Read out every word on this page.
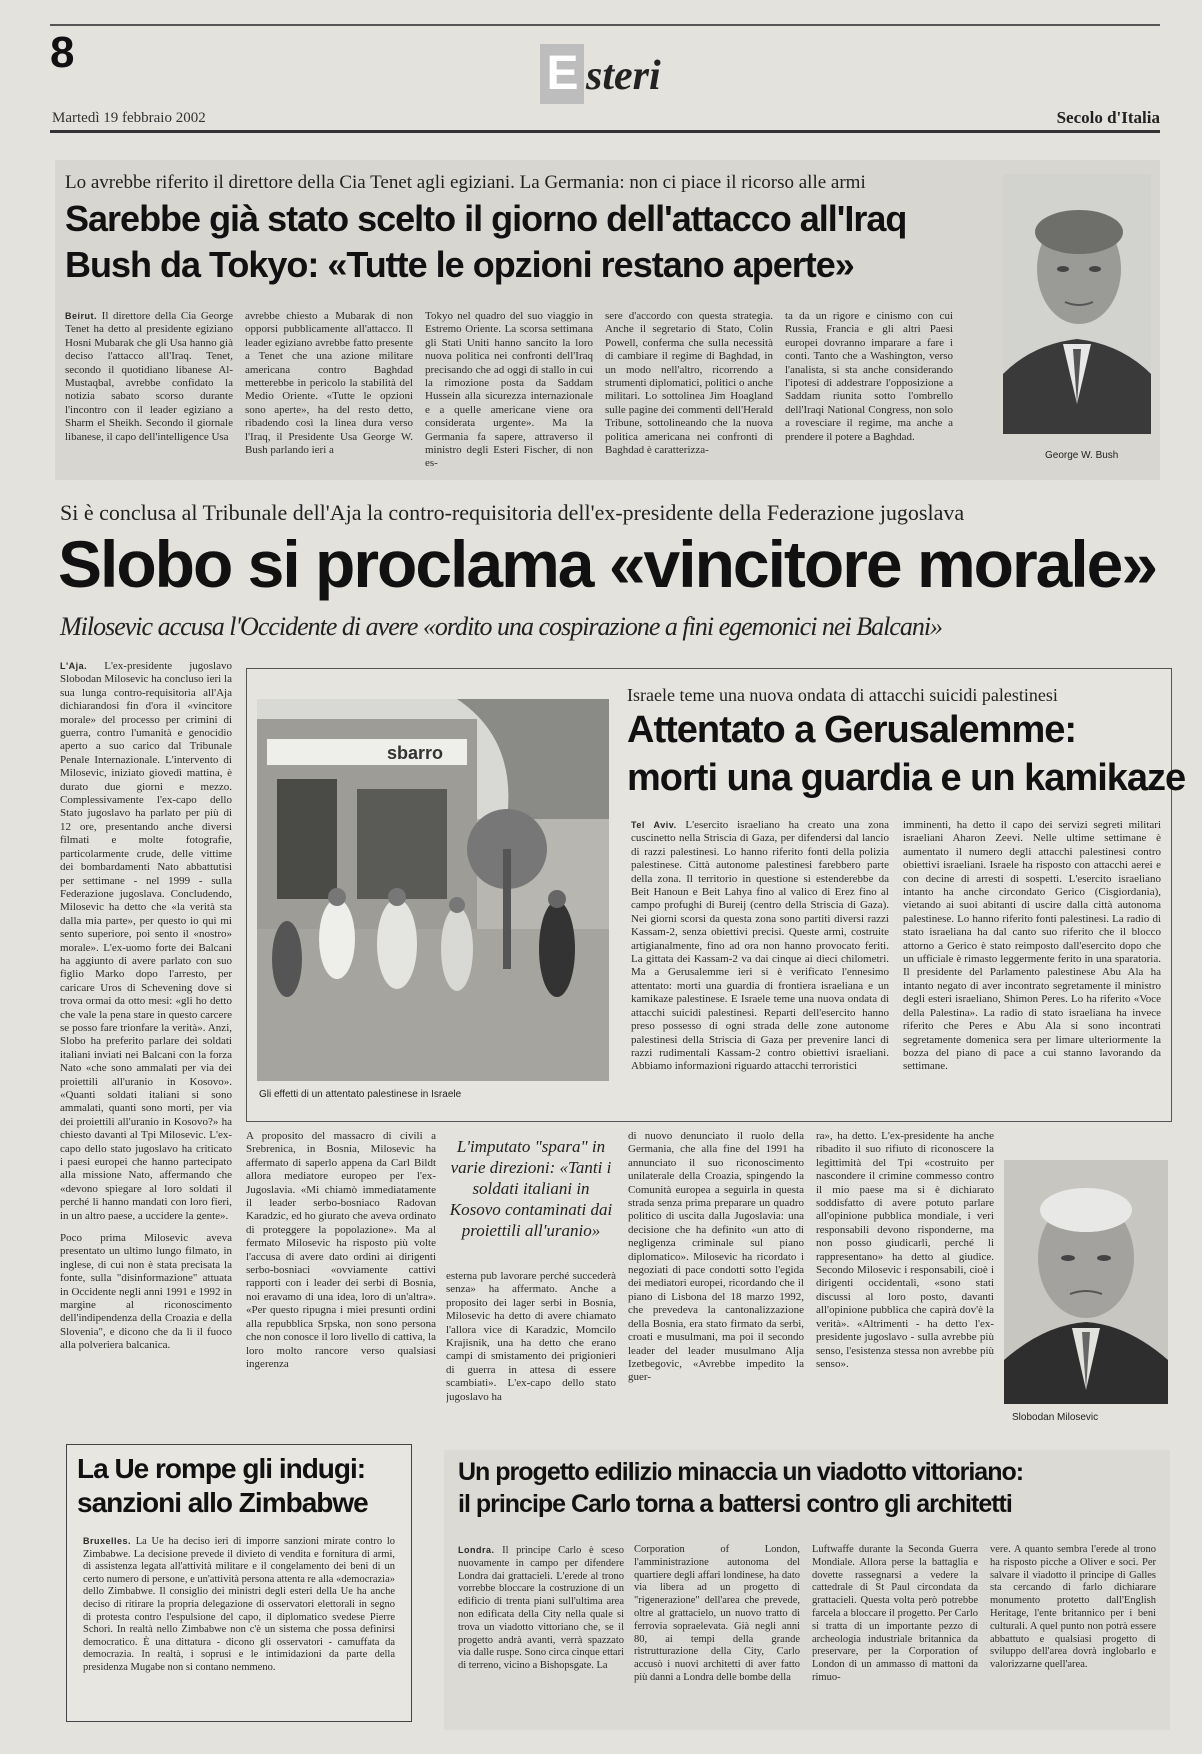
8	E steri
Martedì 19 febbraio 2002	Secolo d'Italia
Lo avrebbe riferito il direttore della Cia Tenet agli egiziani. La Germania: non ci piace il ricorso alle armi
Sarebbe già stato scelto il giorno dell'attacco all'Iraq
Bush da Tokyo: «Tutte le opzioni restano aperte»
Beirut. Il direttore della Cia George Tenet ha detto al presidente egiziano Hosni Mubarak che gli Usa hanno già deciso l'attacco all'Iraq. Tenet, secondo il quotidiano libanese Al-Mustaqbal, avrebbe confidato la notizia sabato scorso durante l'incontro con il leader egiziano a Sharm el Sheikh. Secondo il giornale libanese, il capo dell'intelligence Usa
avrebbe chiesto a Mubarak di non opporsi pubblicamente all'attacco. Il leader egiziano avrebbe fatto presente a Tenet che una azione militare americana contro Baghdad metterebbe in pericolo la stabilità del Medio Oriente. «Tutte le opzioni sono aperte», ha del resto detto, ribadendo così la linea dura verso l'Iraq, il Presidente Usa George W. Bush parlando ieri a
Tokyo nel quadro del suo viaggio in Estremo Oriente. La scorsa settimana gli Stati Uniti hanno sancito la loro nuova politica nei confronti dell'Iraq precisando che ad oggi di stallo in cui la rimozione posta da Saddam Hussein alla sicurezza internazionale e a quelle americane viene ora considerata urgente». Ma la Germania fa sapere, attraverso il ministro degli Esteri Fischer, di non es-
sere d'accordo con questa strategia. Anche il segretario di Stato, Colin Powell, conferma che sulla necessità di cambiare il regime di Baghdad, in un modo nell'altro, ricorrendo a strumenti diplomatici, politici o anche militari. Lo sottolinea Jim Hoagland sulle pagine dei commenti dell'Herald Tribune, sottolineando che la nuova politica americana nei confronti di Baghdad è caratterizza-
ta da un rigore e cinismo con cui Russia, Francia e gli altri Paesi europei dovranno imparare a fare i conti. Tanto che a Washington, verso l'analista, si sta anche considerando l'ipotesi di addestrare l'opposizione a Saddam riunita sotto l'ombrello dell'Iraqi National Congress, non solo a rovesciare il regime, ma anche a prendere il potere a Baghdad.
George W. Bush
Si è conclusa al Tribunale dell'Aja la contro-requisitoria dell'ex-presidente della Federazione jugoslava
Slobo si proclama «vincitore morale»
Milosevic accusa l'Occidente di avere «ordito una cospirazione a fini egemonici nei Balcani»
L'Aja. L'ex-presidente jugoslavo Slobodan Milosevic ha concluso ieri la sua lunga contro-requisitoria all'Aja dichiarandosi fin d'ora il «vincitore morale» del processo per crimini di guerra, contro l'umanità e genocidio aperto a suo carico dal Tribunale Penale Internazionale. L'intervento di Milosevic, iniziato giovedì mattina, è durato due giorni e mezzo. Complessivamente l'ex-capo dello Stato jugoslavo ha parlato per più di 12 ore, presentando anche diversi filmati e molte fotografie, particolarmente crude, delle vittime dei bombardamenti Nato abbattutisi per settimane - nel 1999 - sulla Federazione jugoslava. Concludendo, Milosevic ha detto che «la verità sta dalla mia parte», per questo io qui mi sento superiore, poi sento il «nostro» morale». L'ex-uomo forte dei Balcani ha aggiunto di avere parlato con suo figlio Marko dopo l'arresto, per caricare Uros di Schevening dove si trova ormai da otto mesi: «gli ho detto che vale la pena stare in questo carcere se posso fare trionfare la verità». Anzi, Slobo ha preferito parlare dei soldati italiani inviati nei Balcani con la forza Nato «che sono ammalati per via dei proiettili all'uranio in Kosovo». «Quanti soldati italiani si sono ammalati, quanti sono morti, per via dei proiettili all'uranio in Kosovo?» ha chiesto davanti al Tpi Milosevic. L'ex-capo dello stato jugoslavo ha criticato i paesi europei che hanno partecipato alla missione Nato, affermando che «devono spiegare al loro soldati il perché li hanno mandati con loro fieri, in un altro paese, a uccidere la gente».
Poco prima Milosevic aveva presentato un ultimo lungo filmato, in inglese, di cui non è stata precisata la fonte, sulla "disinformazione" attuata in Occidente negli anni 1991 e 1992 in margine al riconoscimento dell'indipendenza della Croazia e della Slovenia", e dicono che da lì il fuoco alla polveriera balcanica.
sbarro
Gli effetti di un attentato palestinese in Israele
Israele teme una nuova ondata di attacchi suicidi palestinesi
Attentato a Gerusalemme:
morti una guardia e un kamikaze
Tel Aviv. L'esercito israeliano ha creato una zona cuscinetto nella Striscia di Gaza, per difendersi dal lancio di razzi palestinesi. Lo hanno riferito fonti della polizia palestinese. Città autonome palestinesi farebbero parte della zona. Il territorio in questione si estenderebbe da Beit Hanoun e Beit Lahya fino al valico di Erez fino al campo profughi di Bureij (centro della Striscia di Gaza). Nei giorni scorsi da questa zona sono partiti diversi razzi Kassam-2, senza obiettivi precisi. Queste armi, costruite artigianalmente, fino ad ora non hanno provocato feriti. La gittata dei Kassam-2 va dai cinque ai dieci chilometri. Ma a Gerusalemme ieri si è verificato l'ennesimo attentato: morti una guardia di frontiera israeliana e un kamikaze palestinese. E Israele teme una nuova ondata di attacchi suicidi palestinesi. Reparti dell'esercito hanno preso possesso di ogni strada delle zone autonome palestinesi della Striscia di Gaza per prevenire lanci di razzi rudimentali Kassam-2 contro obiettivi israeliani. Abbiamo informazioni riguardo attacchi terroristici
imminenti, ha detto il capo dei servizi segreti militari israeliani Aharon Zeevi. Nelle ultime settimane è aumentato il numero degli attacchi palestinesi contro obiettivi israeliani. Israele ha risposto con attacchi aerei e con decine di arresti di sospetti. L'esercito israeliano intanto ha anche circondato Gerico (Cisgiordania), vietando ai suoi abitanti di uscire dalla città autonoma palestinese. Lo hanno riferito fonti palestinesi. La radio di stato israeliana ha dal canto suo riferito che il blocco attorno a Gerico è stato reimposto dall'esercito dopo che un ufficiale è rimasto leggermente ferito in una sparatoria. Il presidente del Parlamento palestinese Abu Ala ha intanto negato di aver incontrato segretamente il ministro degli esteri israeliano, Shimon Peres. Lo ha riferito «Voce della Palestina». La radio di stato israeliana ha invece riferito che Peres e Abu Ala si sono incontrati segretamente domenica sera per limare ulteriormente la bozza del piano di pace a cui stanno lavorando da settimane.
A proposito del massacro di civili a Srebrenica, in Bosnia, Milosevic ha affermato di saperlo appena da Carl Bildt allora mediatore europeo per l'ex-Jugoslavia. «Mi chiamò immediatamente il leader serbo-bosniaco Radovan Karadzic, ed ho giurato che aveva ordinato di proteggere la popolazione». Ma al fermato Milosevic ha risposto più volte l'accusa di avere dato ordini ai dirigenti serbo-bosniaci «ovviamente cattivi rapporti con i leader dei serbi di Bosnia, noi eravamo di una idea, loro di un'altra». «Per questo ripugna i miei presunti ordini alla repubblica Srpska, non sono persona che non conosce il loro livello di cattiva, la loro molto rancore verso qualsiasi ingerenza
L'imputato "spara" in varie direzioni: «Tanti i soldati italiani in Kosovo contaminati dai proiettili all'uranio»
esterna pub lavorare perché succederà senza» ha affermato. Anche a proposito dei lager serbi in Bosnia, Milosevic ha detto di avere chiamato l'allora vice di Karadzic, Momcilo Krajisnik, una ha detto che erano campi di smistamento dei prigionieri di guerra in attesa di essere scambiati». L'ex-capo dello stato jugoslavo ha
di nuovo denunciato il ruolo della Germania, che alla fine del 1991 ha annunciato il suo riconoscimento unilaterale della Croazia, spingendo la Comunità europea a seguirla in questa strada senza prima preparare un quadro politico di uscita dalla Jugoslavia: una decisione che ha definito «un atto di negligenza criminale sul piano diplomatico». Milosevic ha ricordato i negoziati di pace condotti sotto l'egida dei mediatori europei, ricordando che il piano di Lisbona del 18 marzo 1992, che prevedeva la cantonalizzazione della Bosnia, era stato firmato da serbi, croati e musulmani, ma poi il secondo leader del leader musulmano Alja Izetbegovic, «Avrebbe impedito la guer-
ra», ha detto. L'ex-presidente ha anche ribadito il suo rifiuto di riconoscere la legittimità del Tpi «costruito per nascondere il crimine commesso contro il mio paese ma si è dichiarato soddisfatto di avere potuto parlare all'opinione pubblica mondiale, i veri responsabili devono risponderne, ma non posso giudicarli, perché li rappresentano» ha detto al giudice. Secondo Milosevic i responsabili, cioè i dirigenti occidentali, «sono stati discussi al loro posto, davanti all'opinione pubblica che capirà dov'è la verità». «Altrimenti - ha detto l'ex-presidente jugoslavo - sulla avrebbe più senso, l'esistenza stessa non avrebbe più senso».
Slobodan Milosevic
La Ue rompe gli indugi:
sanzioni allo Zimbabwe
Bruxelles. La Ue ha deciso ieri di imporre sanzioni mirate contro lo Zimbabwe. La decisione prevede il divieto di vendita e fornitura di armi, di assistenza legata all'attività militare e il congelamento dei beni di un certo numero di persone, e un'attività persona attenta re alla «democrazia» dello Zimbabwe. Il consiglio dei ministri degli esteri della Ue ha anche deciso di ritirare la propria delegazione di osservatori elettorali in segno di protesta contro l'espulsione del capo, il diplomatico svedese Pierre Schori. In realtà nello Zimbabwe non c'è un sistema che possa definirsi democratico. È una dittatura - dicono gli osservatori - camuffata da democrazia. In realtà, i soprusi e le intimidazioni da parte della presidenza Mugabe non si contano nemmeno.
Un progetto edilizio minaccia un viadotto vittoriano:
il principe Carlo torna a battersi contro gli architetti
Londra. Il principe Carlo è sceso nuovamente in campo per difendere Londra dai grattacieli. L'erede al trono vorrebbe bloccare la costruzione di un edificio di trenta piani sull'ultima area non edificata della City nella quale si trova un viadotto vittoriano che, se il progetto andrà avanti, verrà spazzato via dalle ruspe. Sono circa cinque ettari di terreno, vicino a Bishopsgate. La
Corporation of London, l'amministrazione autonoma del quartiere degli affari londinese, ha dato via libera ad un progetto di "rigenerazione" dell'area che prevede, oltre al grattacielo, un nuovo tratto di ferrovia sopraelevata. Già negli anni 80, ai tempi della grande ristrutturazione della City, Carlo accusò i nuovi architetti di aver fatto più danni a Londra delle bombe della
Luftwaffe durante la Seconda Guerra Mondiale. Allora perse la battaglia e dovette rassegnarsi a vedere la cattedrale di St Paul circondata da grattacieli. Questa volta però potrebbe farcela a bloccare il progetto. Per Carlo si tratta di un importante pezzo di archeologia industriale britannica da preservare, per la Corporation of London di un ammasso di mattoni da rimuo-
vere. A quanto sembra l'erede al trono ha risposto picche a Oliver e soci. Per salvare il viadotto il principe di Galles sta cercando di farlo dichiarare monumento protetto dall'English Heritage, l'ente britannico per i beni culturali. A quel punto non potrà essere abbattuto e qualsiasi progetto di sviluppo dell'area dovrà inglobarlo e valorizzarne quell'area.
